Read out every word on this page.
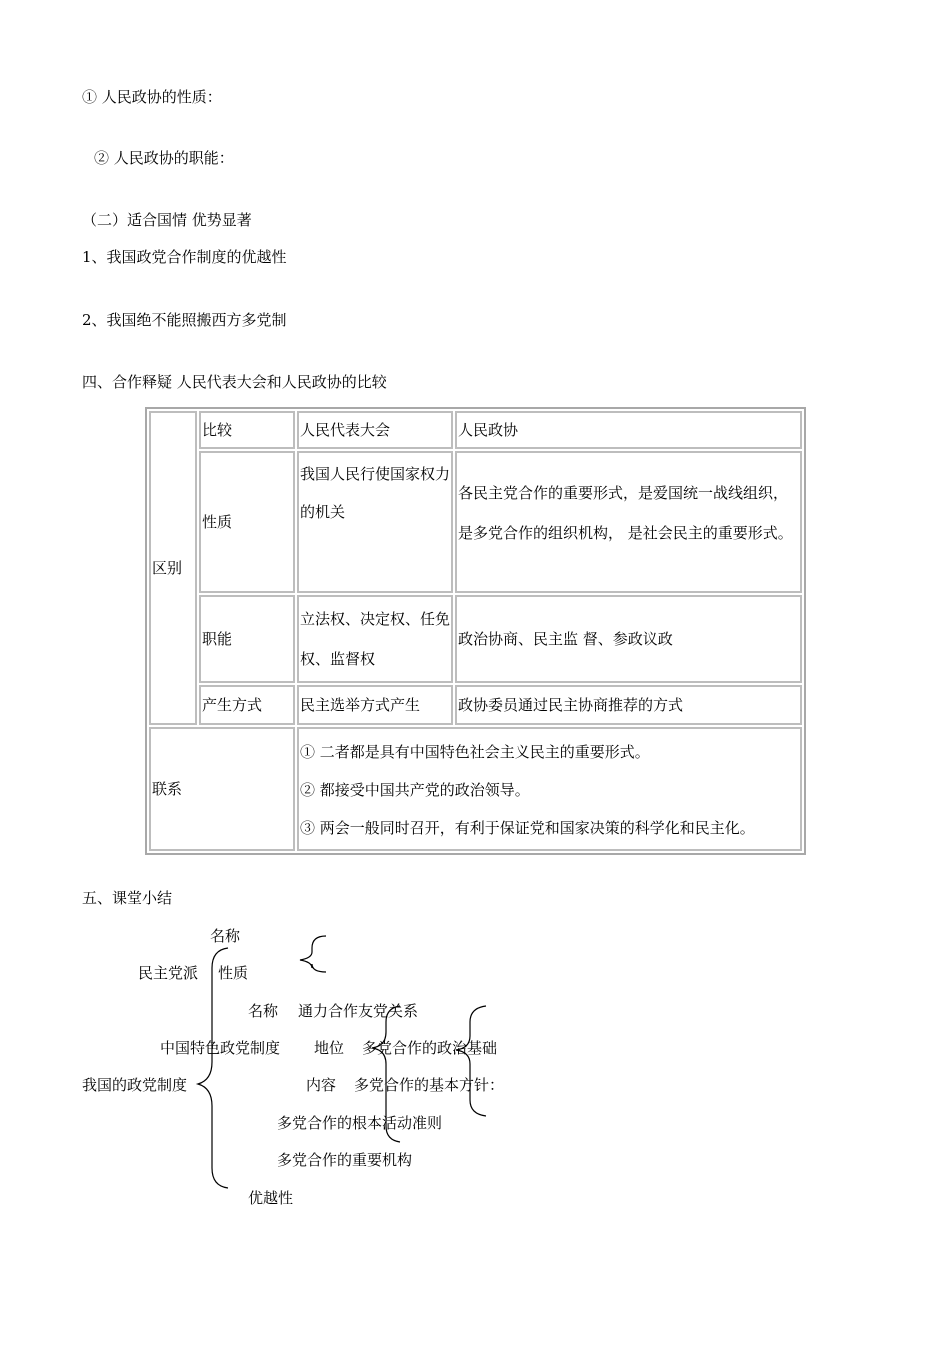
① 人民政协的性质：
② 人民政协的职能：
（二）适合国情 优势显著
1、我国政党合作制度的优越性
2、我国绝不能照搬西方多党制
四、合作释疑 人民代表大会和人民政协的比较
区别	比较	人民代表大会	人民政协
	性质	我国人民行使国家权力的机关	各民主党合作的重要形式，是爱国统一战线组织，是多党合作的组织机构， 是社会民主的重要形式。

	职能	立法权、决定权、任免权、监督权	政治协商、民主监 督、参政议政
	产生方式	民主选举方式产生	政协委员通过民主协商推荐的方式
联系		① 二者都是具有中国特色社会主义民主的重要形式。
② 都接受中国共产党的政治领导。
③ 两会一般同时召开，有利于保证党和国家决策的科学化和民主化。	
五、课堂小结
名称
民主党派 性质
名称 通力合作友党关系
中国特色政党制度 地位 多党合作的政治基础
我国的政党制度	内容 多党合作的基本方针：
多党合作的根本活动准则
多党合作的重要机构
优越性
